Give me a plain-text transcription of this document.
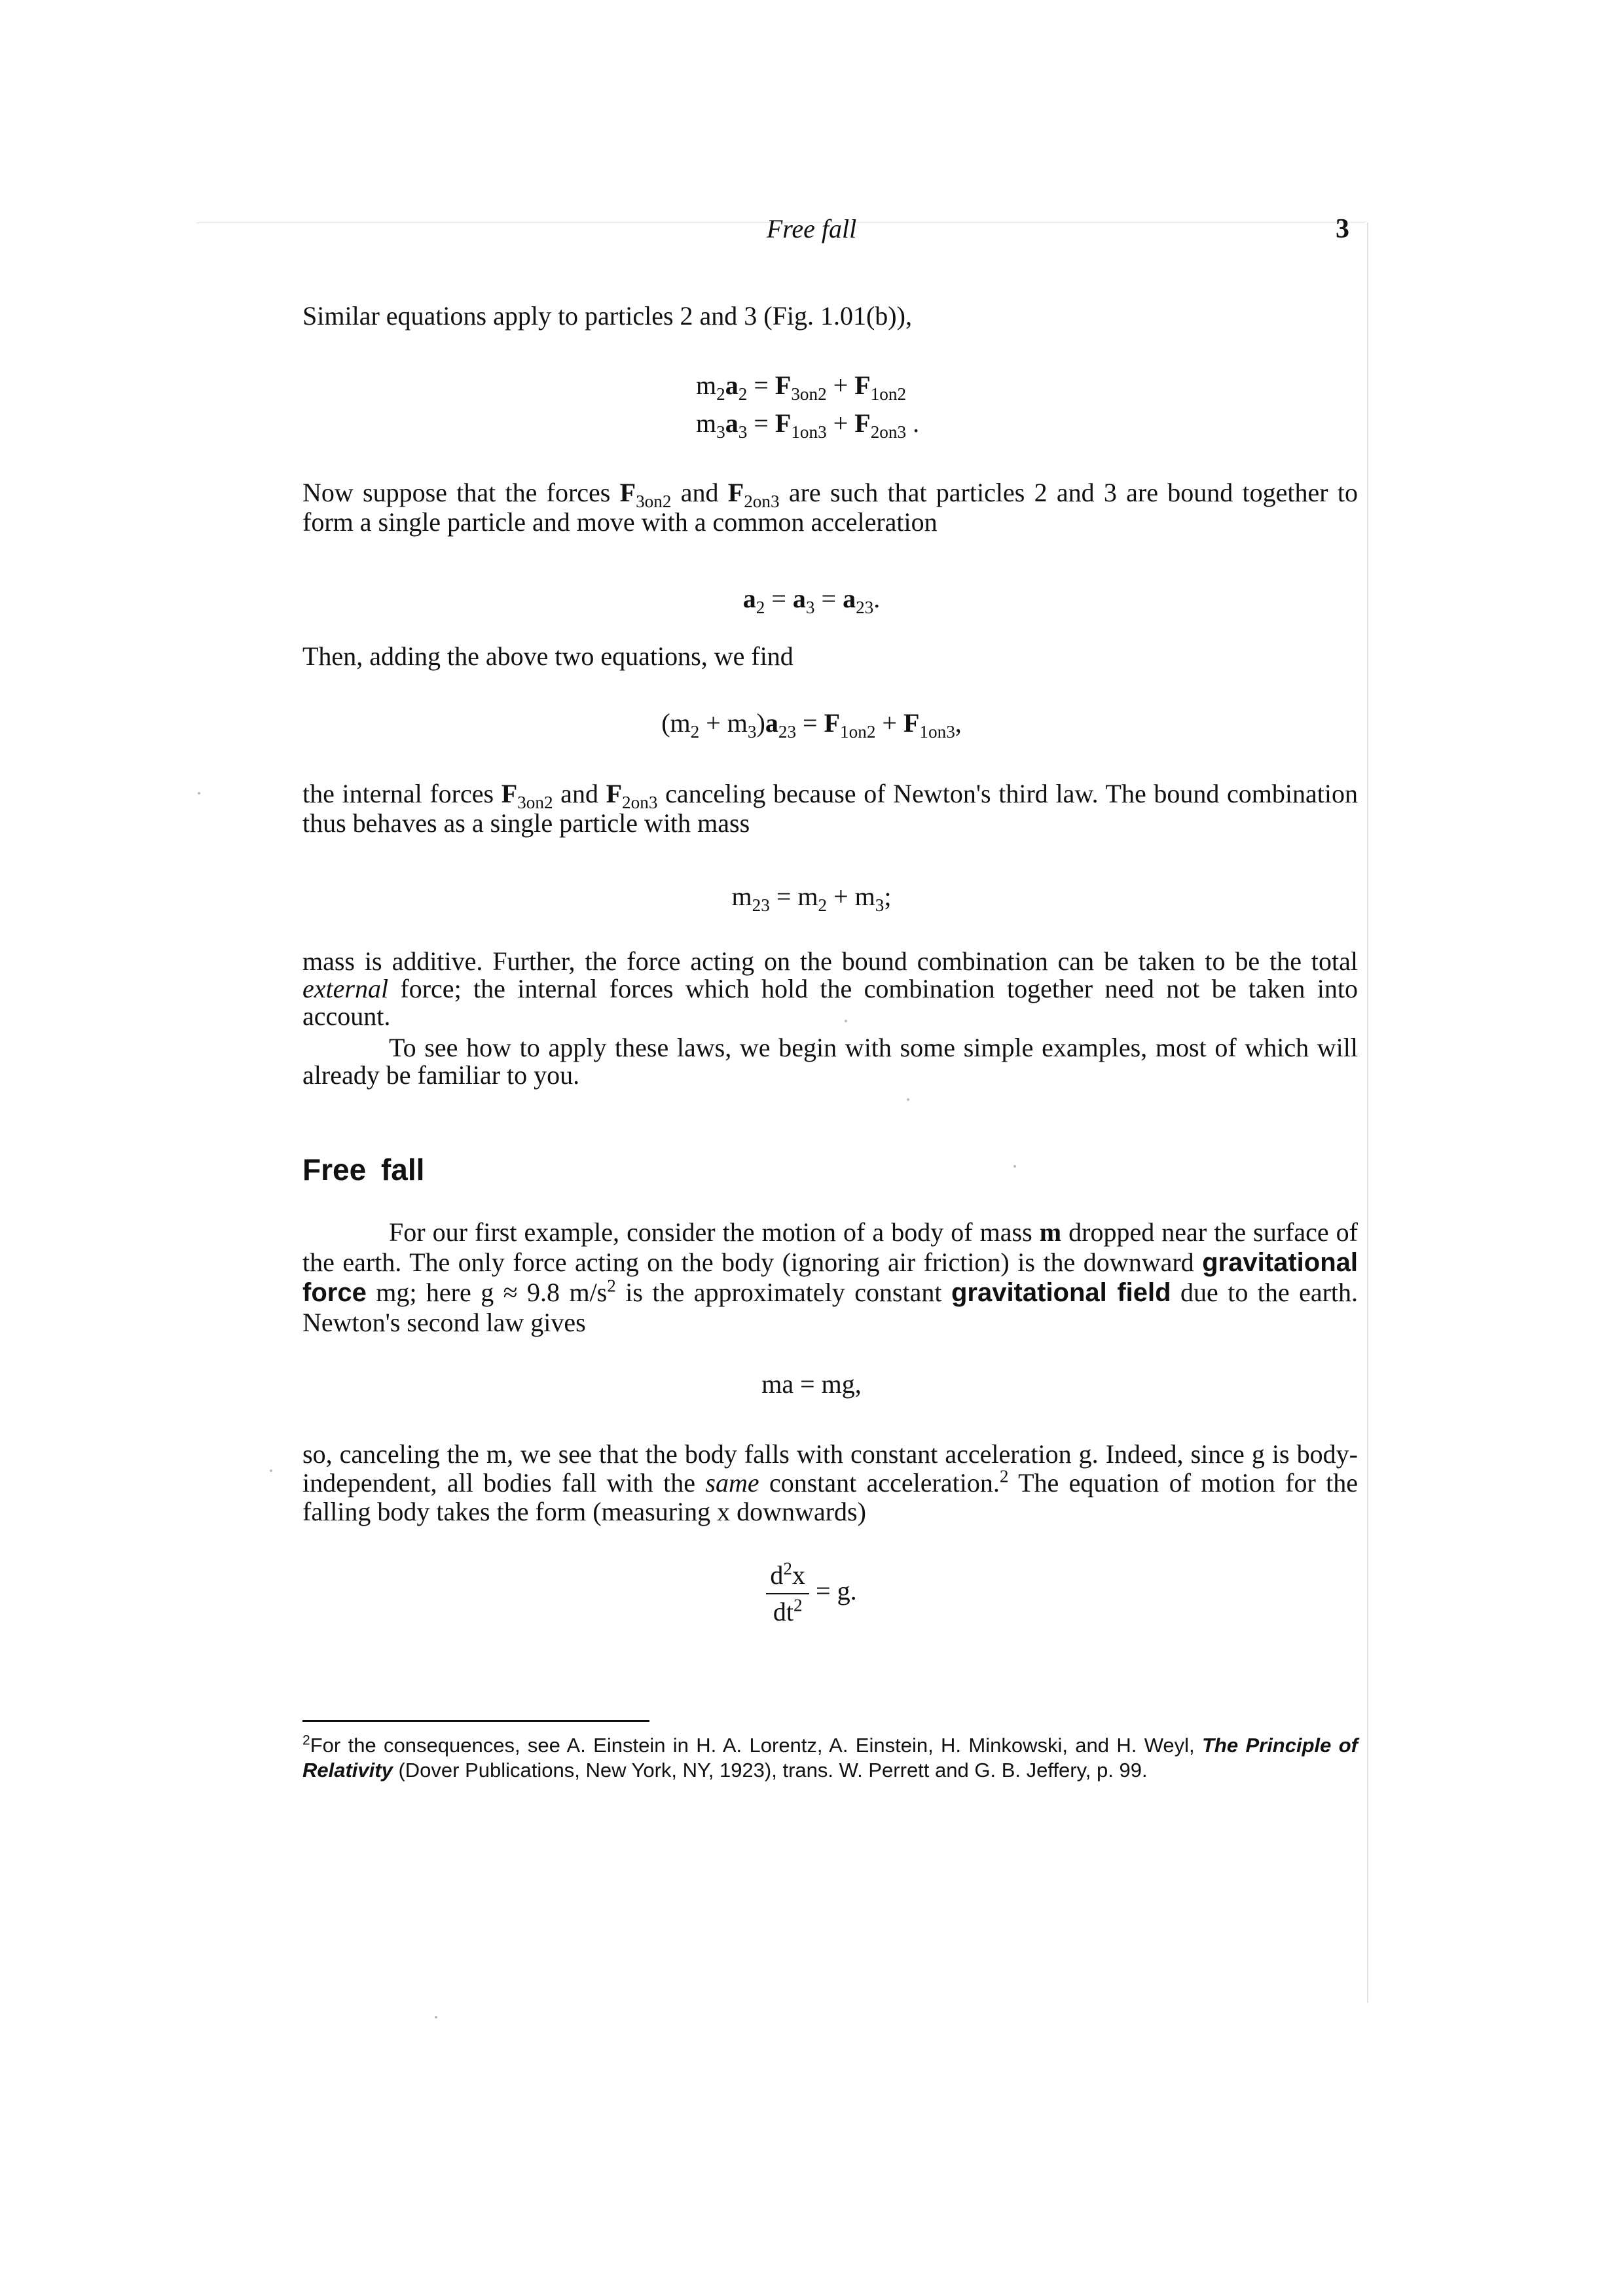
Free fall	3
Similar equations apply to particles 2 and 3 (Fig. 1.01(b)),
$m_2a_2 = F_{3on2} + F_{1on2}$
$m_3a_3 = F_{1on3} + F_{2on3}$ .
Now suppose that the forces $F_{3on2}$ and $F_{2on3}$ are such that particles 2 and 3 are bound together to form a single particle and move with a common acceleration
$a_2 = a_3 = a_{23}$.
Then, adding the above two equations, we find
$(m_2 + m_3)a_{23} = F_{1on2} + F_{1on3}$,
the internal forces $F_{3on2}$ and $F_{2on3}$ canceling because of Newton's third law. The bound combination thus behaves as a single particle with mass
$m_{23} = m_2 + m_3$;
mass is additive. Further, the force acting on the bound combination can be taken to be the total external force; the internal forces which hold the combination together need not be taken into account.
To see how to apply these laws, we begin with some simple examples, most of which will already be familiar to you.
Free fall
For our first example, consider the motion of a body of mass m dropped near the surface of the earth. The only force acting on the body (ignoring air friction) is the downward gravitational force mg; here g ≈ 9.8 $m/s^2$ is the approximately constant gravitational field due to the earth. Newton's second law gives
ma = mg,
so, canceling the m, we see that the body falls with constant acceleration g. Indeed, since g is body-independent, all bodies fall with the same constant acceleration.$^2$ The equation of motion for the falling body takes the form (measuring x downwards)
$\frac{d^2x}{dt^2} = g$.
$^2$For the consequences, see A. Einstein in H. A. Lorentz, A. Einstein, H. Minkowski, and H. Weyl, The Principle of Relativity (Dover Publications, New York, NY, 1923), trans. W. Perrett and G. B. Jeffery, p. 99.
